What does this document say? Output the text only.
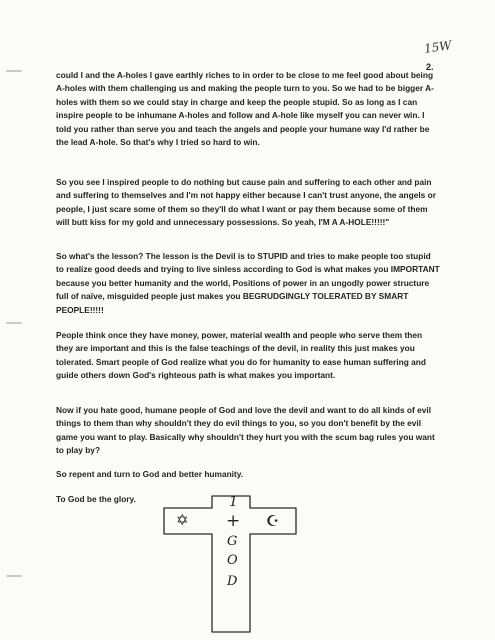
15W
2.

could I and the A-holes I gave earthly riches to in order to be close to me feel good about being A-holes with them challenging us and making the people turn to you. So we had to be bigger A-holes with them so we could stay in charge and keep the people stupid. So as long as I can inspire people to be inhumane A-holes and follow and A-hole like myself you can never win. I told you rather than serve you and teach the angels and people your humane way I'd rather be the lead A-hole. So that's why I tried so hard to win.

So you see I inspired people to do nothing but cause pain and suffering to each other and pain and suffering to themselves and I'm not happy either because I can't trust anyone, the angels or people, I just scare some of them so they'll do what I want or pay them because some of them will butt kiss for my gold and unnecessary possessions. So yeah, I'M A A-HOLE!!!!!"

So what's the lesson? The lesson is the Devil is to STUPID and tries to make people too stupid to realize good deeds and trying to live sinless according to God is what makes you IMPORTANT because you better humanity and the world, Positions of power in an ungodly power structure full of naïve, misguided people just makes you BEGRUDGINGLY TOLERATED BY SMART PEOPLE!!!!!

People think once they have money, power, material wealth and people who serve them then they are important and this is the false teachings of the devil, in reality this just makes you tolerated. Smart people of God realize what you do for humanity to ease human suffering and guide others down God's righteous path is what makes you important.

Now if you hate good, humane people of God and love the devil and want to do all kinds of evil things to them than why shouldn't they do evil things to you, so you don't benefit by the evil game you want to play. Basically why shouldn't they hurt you with the scum bag rules you want to play by?

So repent and turn to God and better humanity.

To God be the glory.	1
+
G
O
D
✡	☪
